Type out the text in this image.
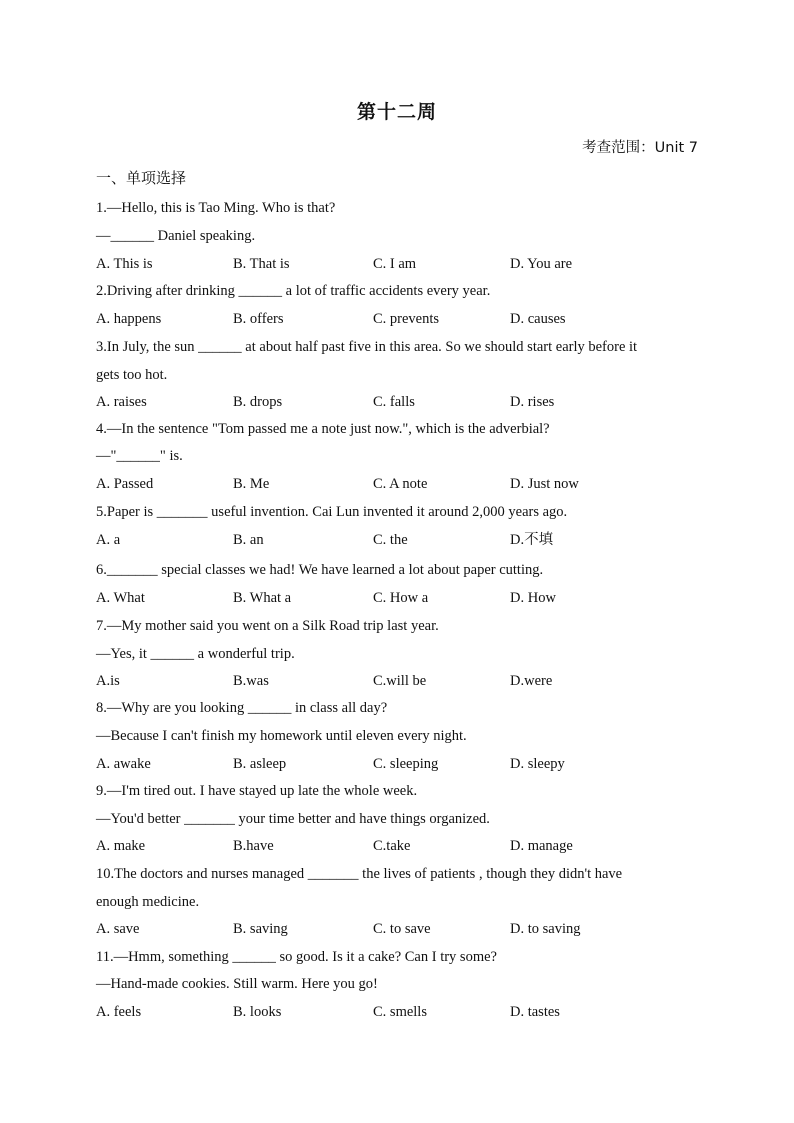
第十二周
考查范围：Unit 7
一、单项选择
1.—Hello, this is Tao Ming. Who is that?
—______ Daniel speaking.
A. This is	B. That is	C. I am	D. You are
2.Driving after drinking ______ a lot of traffic accidents every year.
A. happens	B. offers	C. prevents	D. causes
3.In July, the sun ______ at about half past five in this area. So we should start early before it
gets too hot.
A. raises	B. drops	C. falls	D. rises
4.—In the sentence "Tom passed me a note just now.", which is the adverbial?
—"______" is.
A. Passed	B. Me	C. A note	D. Just now
5.Paper is _______ useful invention. Cai Lun invented it around 2,000 years ago.
A. a	B. an	C. the	D.不填
6._______ special classes we had! We have learned a lot about paper cutting.
A. What	B. What a	C. How a	D. How
7.—My mother said you went on a Silk Road trip last year.
—Yes, it ______ a wonderful trip.
A.is	B.was	C.will be	D.were
8.—Why are you looking ______ in class all day?
—Because I can't finish my homework until eleven every night.
A. awake	B. asleep	C. sleeping	D. sleepy
9.—I'm tired out. I have stayed up late the whole week.
—You'd better _______ your time better and have things organized.
A. make	B.have	C.take	D. manage
10.The doctors and nurses managed _______ the lives of patients , though they didn't have
enough medicine.
A. save	B. saving	C. to save	D. to saving
11.—Hmm, something ______ so good. Is it a cake? Can I try some?
—Hand-made cookies. Still warm. Here you go!
A. feels	B. looks	C. smells	D. tastes
